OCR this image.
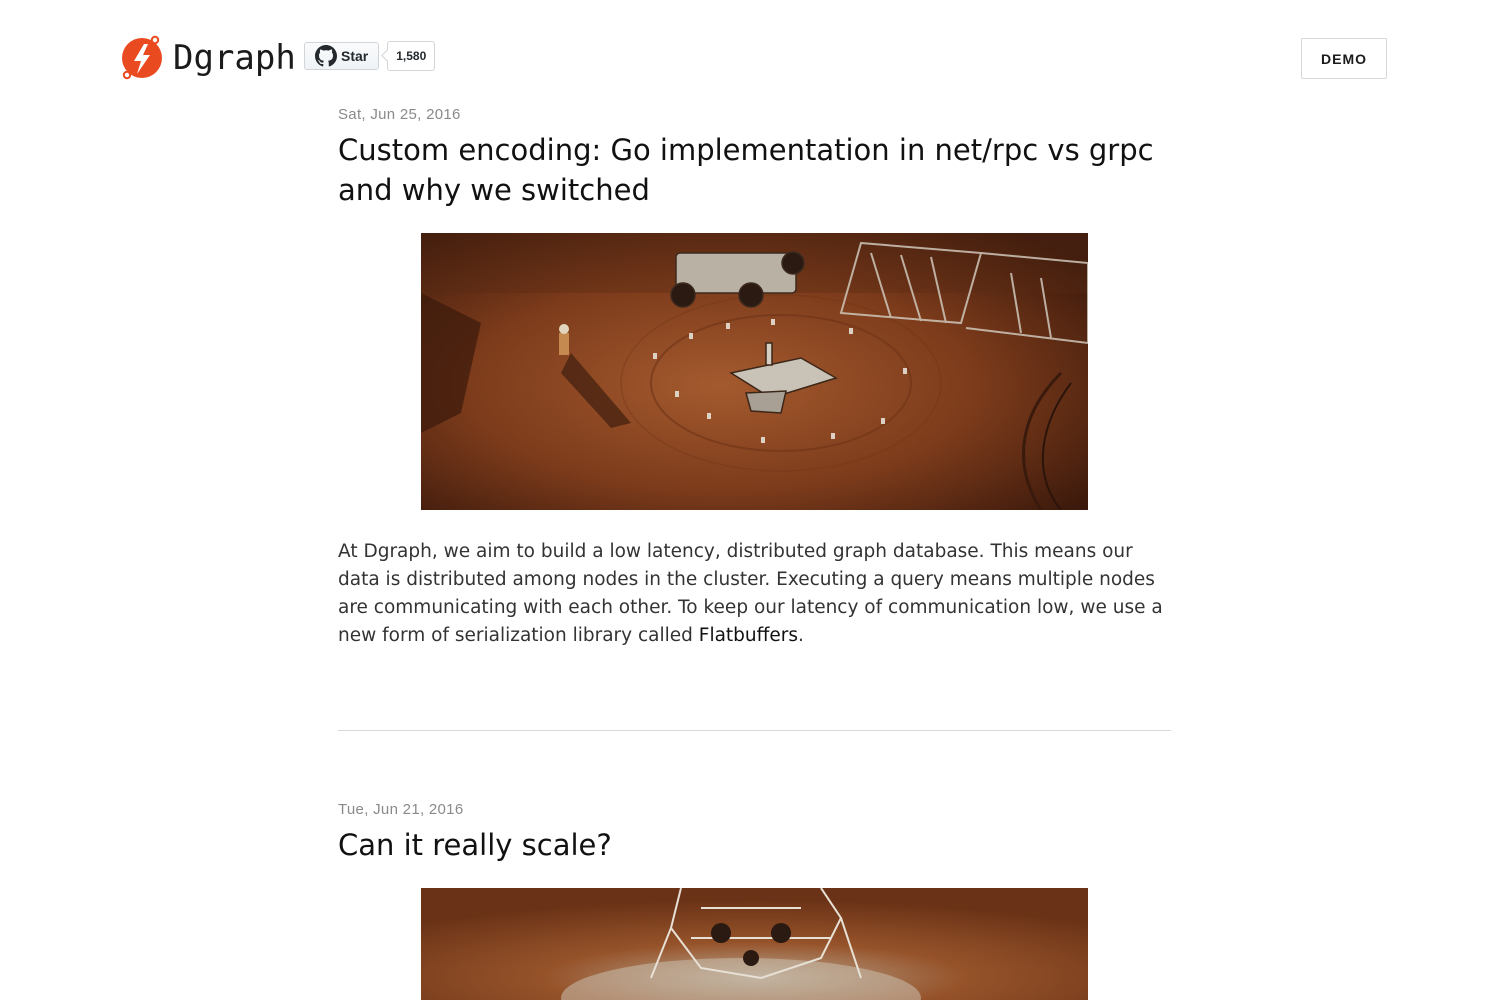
Dgraph	Star	1,580	DEMO
Sat, Jun 25, 2016
Custom encoding: Go implementation in net/rpc vs grpc and why we switched

At Dgraph, we aim to build a low latency, distributed graph database. This means our data is distributed among nodes in the cluster. Executing a query means multiple nodes are communicating with each other. To keep our latency of communication low, we use a new form of serialization library called Flatbuffers.

Tue, Jun 21, 2016
Can it really scale?
